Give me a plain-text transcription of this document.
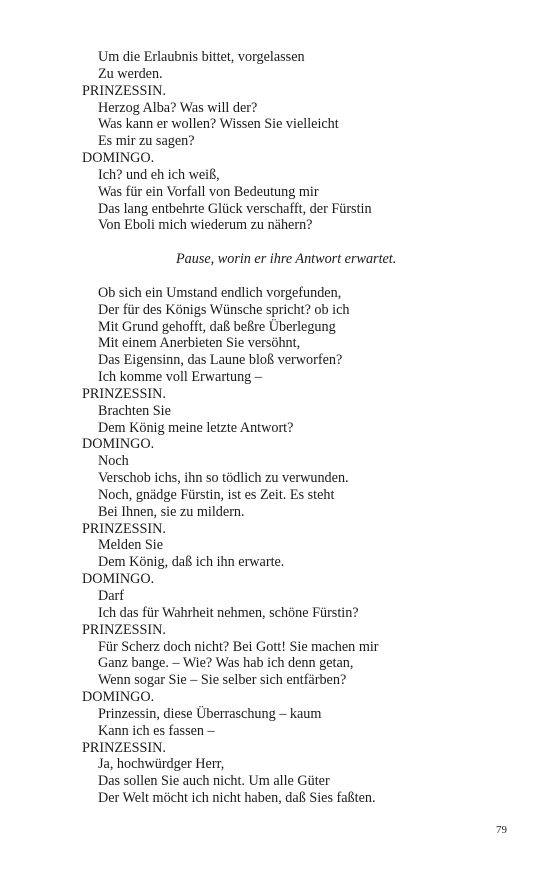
Um die Erlaubnis bittet, vorgelassen
Zu werden.
PRINZESSIN.
Herzog Alba? Was will der?
Was kann er wollen? Wissen Sie vielleicht
Es mir zu sagen?
DOMINGO.
Ich? und eh ich weiß,
Was für ein Vorfall von Bedeutung mir
Das lang entbehrte Glück verschafft, der Fürstin
Von Eboli mich wiederum zu nähern?
Pause, worin er ihre Antwort erwartet.
Ob sich ein Umstand endlich vorgefunden,
Der für des Königs Wünsche spricht? ob ich
Mit Grund gehofft, daß beßre Überlegung
Mit einem Anerbieten Sie versöhnt,
Das Eigensinn, das Laune bloß verworfen?
Ich komme voll Erwartung –
PRINZESSIN.
Brachten Sie
Dem König meine letzte Antwort?
DOMINGO.
Noch
Verschob ichs, ihn so tödlich zu verwunden.
Noch, gnädge Fürstin, ist es Zeit. Es steht
Bei Ihnen, sie zu mildern.
PRINZESSIN.
Melden Sie
Dem König, daß ich ihn erwarte.
DOMINGO.
Darf
Ich das für Wahrheit nehmen, schöne Fürstin?
PRINZESSIN.
Für Scherz doch nicht? Bei Gott! Sie machen mir
Ganz bange. – Wie? Was hab ich denn getan,
Wenn sogar Sie – Sie selber sich entfärben?
DOMINGO.
Prinzessin, diese Überraschung – kaum
Kann ich es fassen –
PRINZESSIN.
Ja, hochwürdger Herr,
Das sollen Sie auch nicht. Um alle Güter
Der Welt möcht ich nicht haben, daß Sies faßten.
79
